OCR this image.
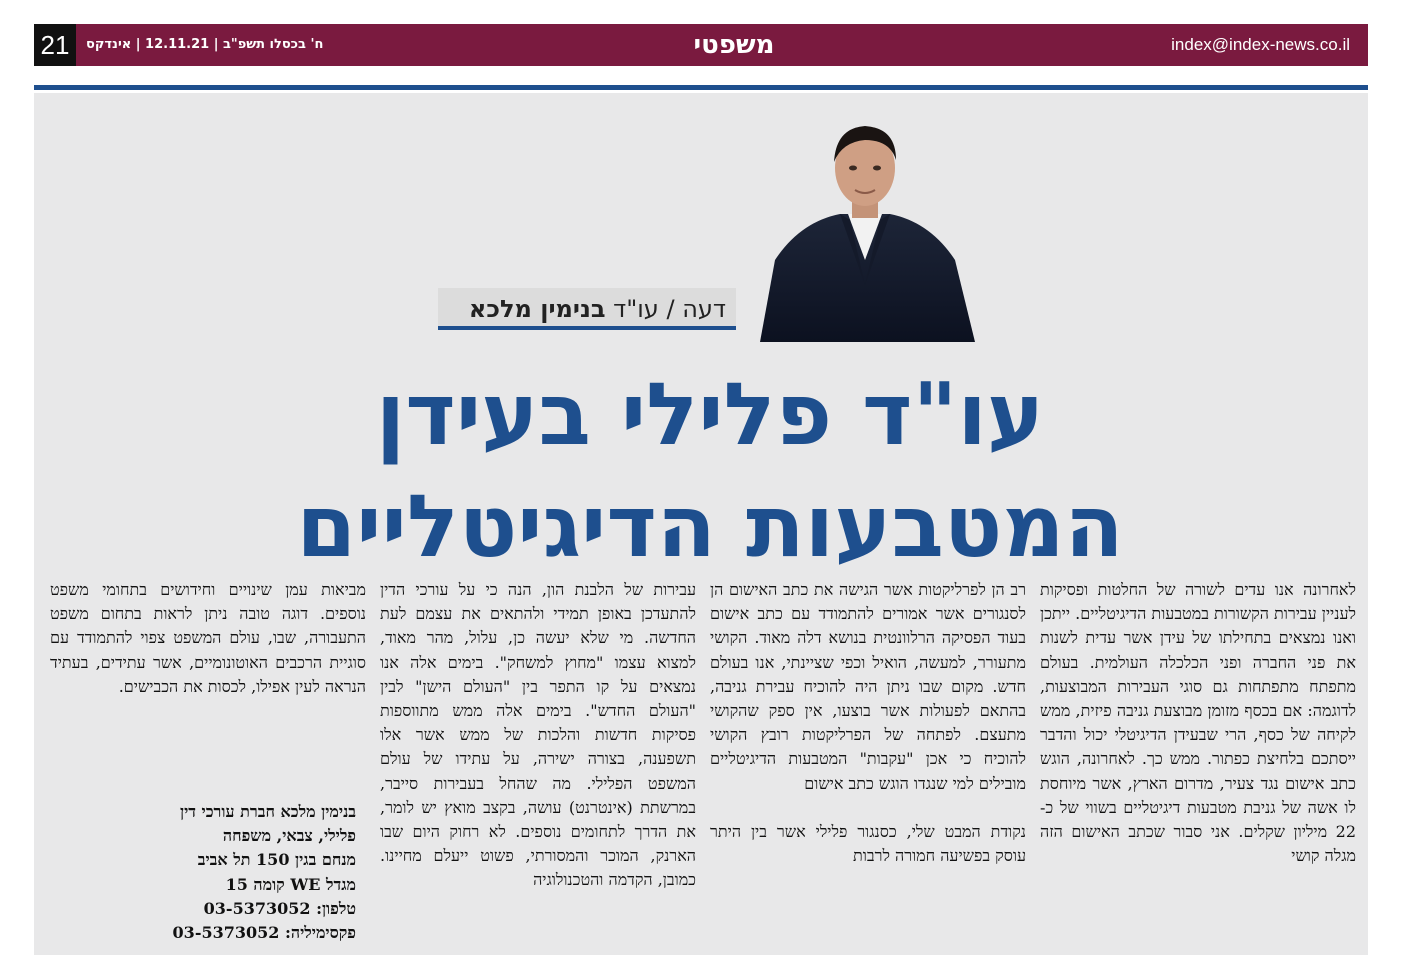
21	ח' בכסלו תשפ"ב | 12.11.21 | אינדקס	משפטי	index@index-news.co.il
דעה / עו"ד בנימין מלכא
עו"ד פלילי בעידן
המטבעות הדיגיטליים

לאחרונה אנו עדים לשורה של החלטות ופסיקות לעניין עבירות הקשורות במטבעות הדיגיטליים. ייתכן ואנו נמצאים בתחילתו של עידן אשר עדית לשנות את פני החברה ופני הכלכלה העולמית. בעולם מתפתח מתפתחות גם סוגי העבירות המבוצעות, לדוגמה: אם בכסף מזומן מבוצעת גניבה פיזית, ממש לקיחה של כסף, הרי שבעידן הדיגיטלי יכול והדבר ייסתכם בלחיצת כפתור. ממש כך. לאחרונה, הוגש כתב אישום נגד צעיר, מדרום הארץ, אשר מיוחסת לו אשה של גניבת מטבעות דיגיטליים בשווי של כ- 22 מיליון שקלים. אני סבור שכתב האישום הזה מגלה קושי

רב הן לפרליקטות אשר הגישה את כתב האישום הן לסנגורים אשר אמורים להתמודד עם כתב אישום בעוד הפסיקה הרלוונטית בנושא דלה מאוד. הקושי מתעורר, למעשה, הואיל וכפי שציינתי, אנו בעולם חדש. מקום שבו ניתן היה להוכיח עבירת גניבה, בהתאם לפעולות אשר בוצעו, אין ספק שהקושי מתעצם. לפתחה של הפרליקטות רובץ הקושי להוכיח כי אכן "עקבות" המטבעות הדיגיטליים מובילים למי שנגדו הוגש כתב אישום

נקודת המבט שלי, כסנגור פלילי אשר בין היתר עוסק בפשיעה חמורה לרבות

עבירות של הלבנת הון, הנה כי על עורכי הדין להתעדכן באופן תמידי ולהתאים את עצמם לעת החדשה. מי שלא יעשה כן, עלול, מהר מאוד, למצוא עצמו "מחוץ למשחק". בימים אלה אנו נמצאים על קו התפר בין "העולם הישן" לבין "העולם החדש". בימים אלה ממש מתווספות פסיקות חדשות והלכות של ממש אשר אלו תשפענה, בצורה ישירה, על עתידו של עולם המשפט הפלילי. מה שהחל בעבירות סייבר, במרשתת (אינטרנט) עושה, בקצב מואץ יש לומר, את הדרך לתחומים נוספים. לא רחוק היום שבו הארנק, המוכר והמסורתי, פשוט ייעלם מחיינו. כמובן, הקדמה והטכנולוגיה

מביאות עמן שינויים וחידושים בתחומי משפט נוספים. דוגה טובה ניתן לראות בתחום משפט התעבורה, שבו, עולם המשפט צפוי להתמודד עם סוגיית הרכבים האוטונומיים, אשר עתידים, בעתיד הנראה לעין אפילו, לכסות את הכבישים.

בנימין מלכא חברת עורכי דין
פלילי, צבאי, משפחה
מנחם בגין 150 תל אביב
מגדל WE קומה 15
טלפון: 03-5373052
פקסימיליה: 03-5373052
